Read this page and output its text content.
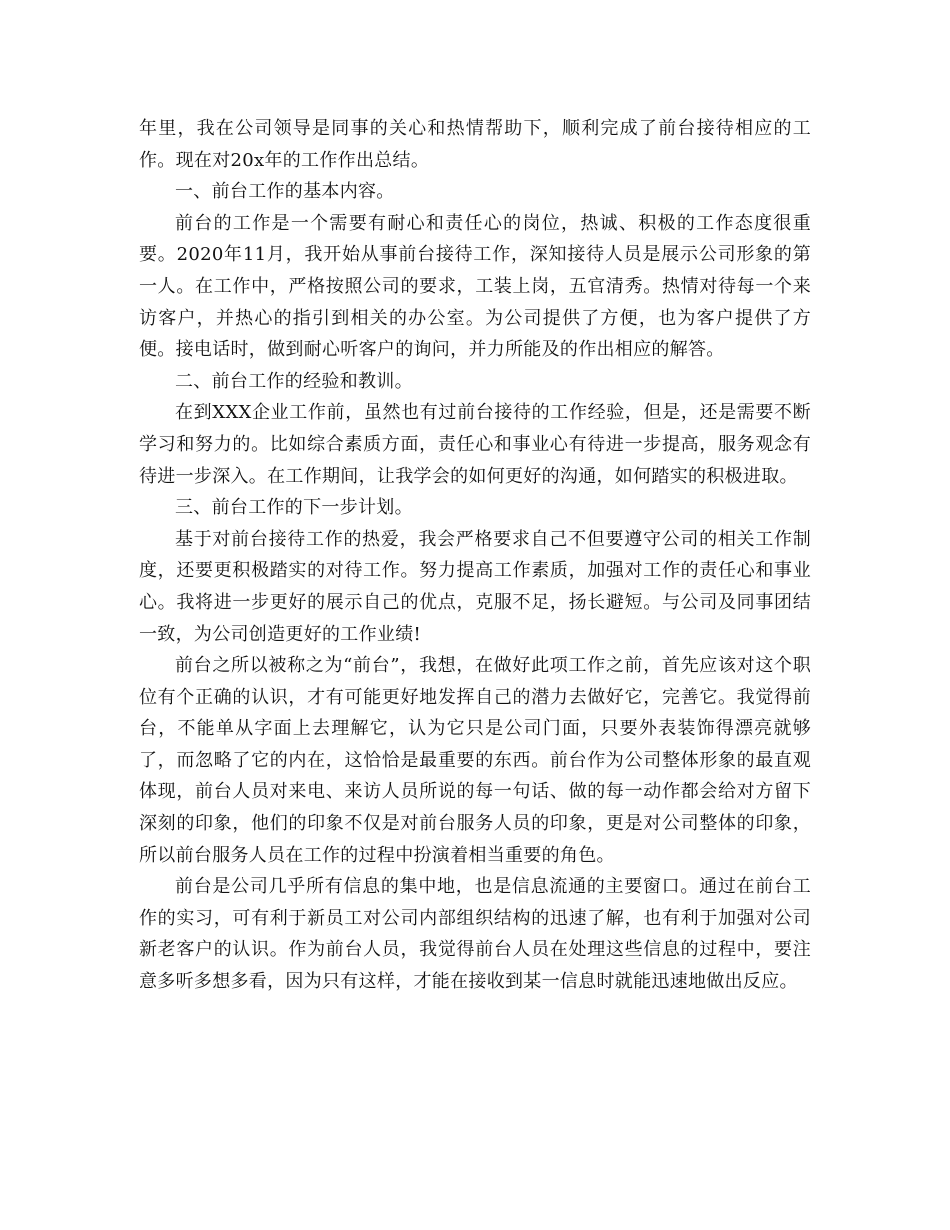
年里，我在公司领导是同事的关心和热情帮助下，顺利完成了前台接待相应的工作。现在对20x年的工作作出总结。

一、前台工作的基本内容。

前台的工作是一个需要有耐心和责任心的岗位，热诚、积极的工作态度很重要。2020年11月，我开始从事前台接待工作，深知接待人员是展示公司形象的第一人。在工作中，严格按照公司的要求，工装上岗，五官清秀。热情对待每一个来访客户，并热心的指引到相关的办公室。为公司提供了方便，也为客户提供了方便。接电话时，做到耐心听客户的询问，并力所能及的作出相应的解答。

二、前台工作的经验和教训。

在到XXX企业工作前，虽然也有过前台接待的工作经验，但是，还是需要不断学习和努力的。比如综合素质方面，责任心和事业心有待进一步提高，服务观念有待进一步深入。在工作期间，让我学会的如何更好的沟通，如何踏实的积极进取。

三、前台工作的下一步计划。

基于对前台接待工作的热爱，我会严格要求自己不但要遵守公司的相关工作制度，还要更积极踏实的对待工作。努力提高工作素质，加强对工作的责任心和事业心。我将进一步更好的展示自己的优点，克服不足，扬长避短。与公司及同事团结一致，为公司创造更好的工作业绩!

前台之所以被称之为“前台”，我想，在做好此项工作之前，首先应该对这个职位有个正确的认识，才有可能更好地发挥自己的潜力去做好它，完善它。我觉得前台，不能单从字面上去理解它，认为它只是公司门面，只要外表装饰得漂亮就够了，而忽略了它的内在，这恰恰是最重要的东西。前台作为公司整体形象的最直观体现，前台人员对来电、来访人员所说的每一句话、做的每一动作都会给对方留下深刻的印象，他们的印象不仅是对前台服务人员的印象，更是对公司整体的印象，所以前台服务人员在工作的过程中扮演着相当重要的角色。

前台是公司几乎所有信息的集中地，也是信息流通的主要窗口。通过在前台工作的实习，可有利于新员工对公司内部组织结构的迅速了解，也有利于加强对公司新老客户的认识。作为前台人员，我觉得前台人员在处理这些信息的过程中，要注意多听多想多看，因为只有这样，才能在接收到某一信息时就能迅速地做出反应。
